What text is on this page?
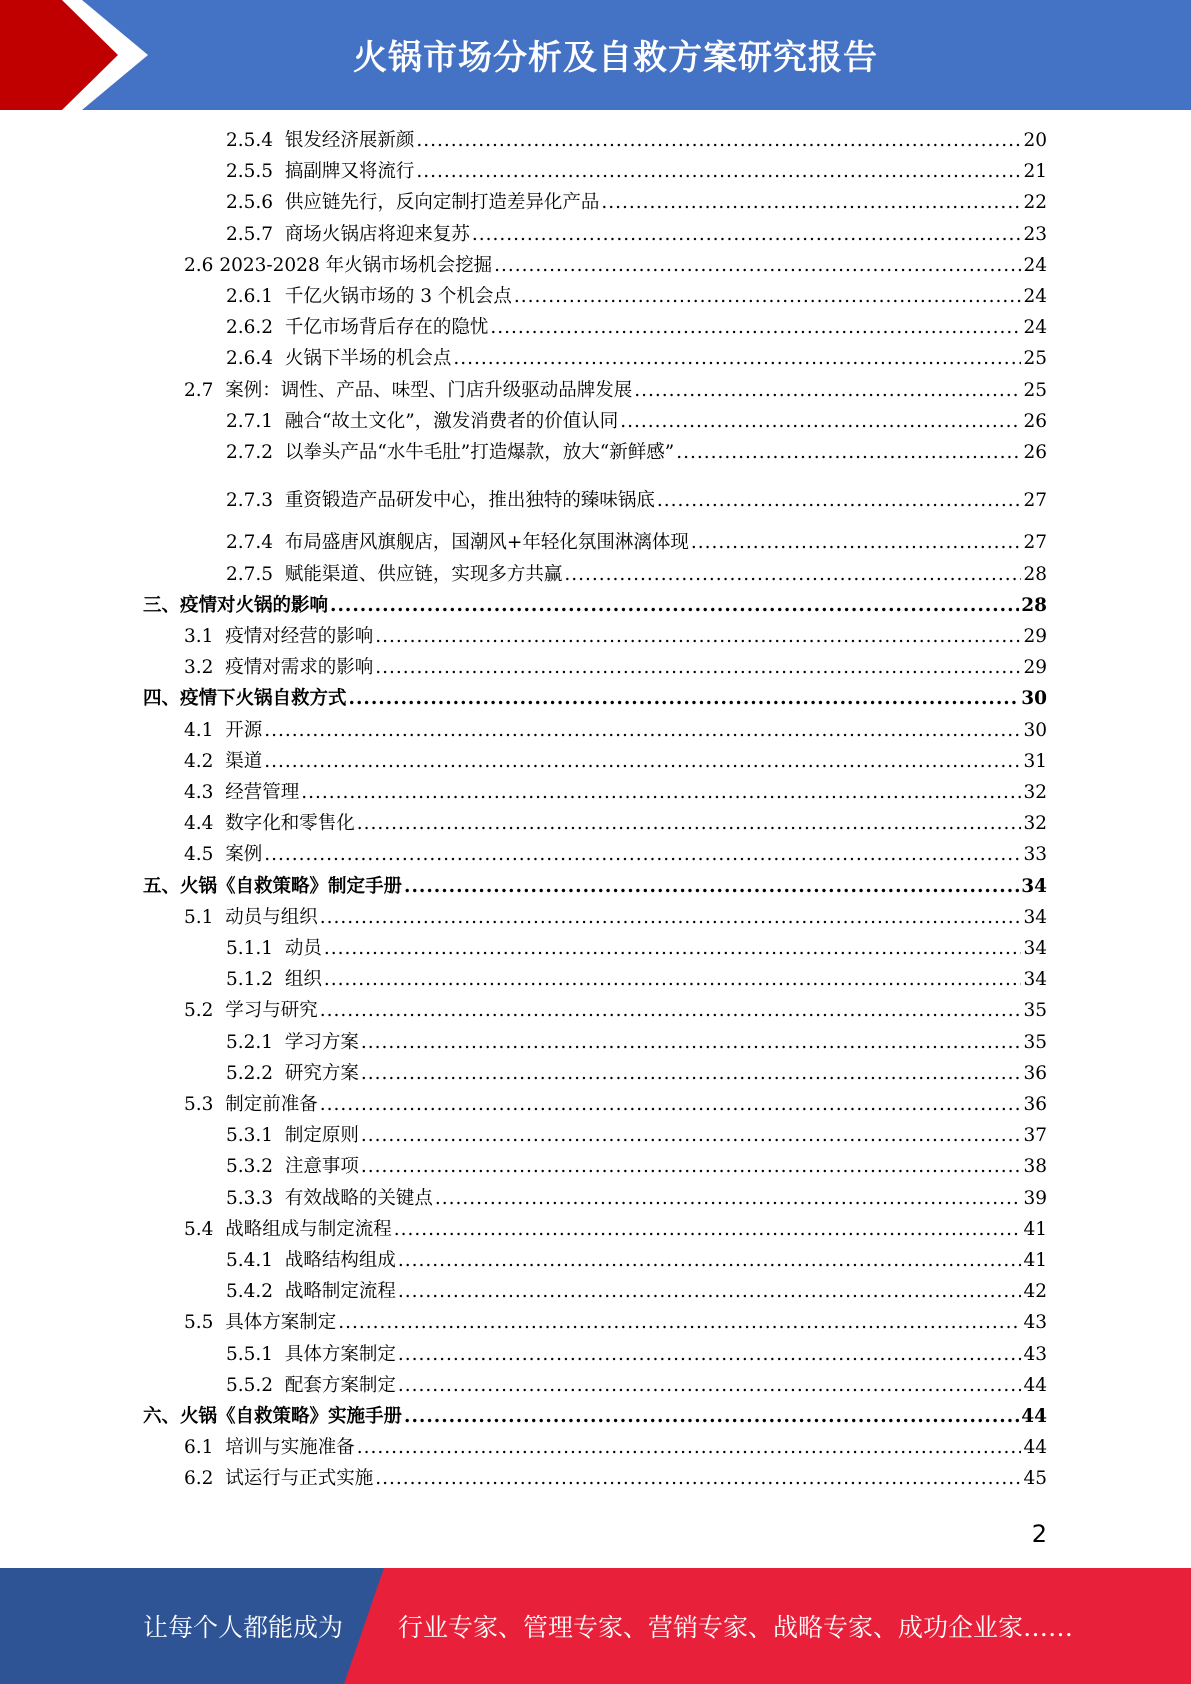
火锅市场分析及自救方案研究报告
2.5.4 银发经济展新颜 .....	20
2.5.5 搞副牌又将流行 .....	21
2.5.6 供应链先行，反向定制打造差异化产品 .....	22
2.5.7 商场火锅店将迎来复苏 .....	23
2.6 2023-2028 年火锅市场机会挖掘 .....	24
2.6.1 千亿火锅市场的 3 个机会点 .....	24
2.6.2 千亿市场背后存在的隐忧 .....	24
2.6.4 火锅下半场的机会点 .....	25
2.7 案例：调性、产品、味型、门店升级驱动品牌发展 .....	25
2.7.1 融合“故土文化”，激发消费者的价值认同 .....	26
2.7.2 以拳头产品“水牛毛肚”打造爆款，放大“新鲜感” .....	26
2.7.3 重资锻造产品研发中心，推出独特的臻味锅底 .....	27
2.7.4 布局盛唐风旗舰店，国潮风+年轻化氛围淋漓体现 .....	27
2.7.5 赋能渠道、供应链，实现多方共赢 .....	28
三、疫情对火锅的影响 .....	28
3.1 疫情对经营的影响 .....	29
3.2 疫情对需求的影响 .....	29
四、疫情下火锅自救方式 .....	30
4.1 开源 .....	30
4.2 渠道 .....	31
4.3 经营管理 .....	32
4.4 数字化和零售化 .....	32
4.5 案例 .....	33
五、火锅《自救策略》制定手册 .....	34
5.1 动员与组织 .....	34
5.1.1 动员 .....	34
5.1.2 组织 .....	34
5.2 学习与研究 .....	35
5.2.1 学习方案 .....	35
5.2.2 研究方案 .....	36
5.3 制定前准备 .....	36
5.3.1 制定原则 .....	37
5.3.2 注意事项 .....	38
5.3.3 有效战略的关键点 .....	39
5.4 战略组成与制定流程 .....	41
5.4.1 战略结构组成 .....	41
5.4.2 战略制定流程 .....	42
5.5 具体方案制定 .....	43
5.5.1 具体方案制定 .....	43
5.5.2 配套方案制定 .....	44
六、火锅《自救策略》实施手册 .....	44
6.1 培训与实施准备 .....	44
6.2 试运行与正式实施 .....	45
2
让每个人都能成为 行业专家、管理专家、营销专家、战略专家、成功企业家……
